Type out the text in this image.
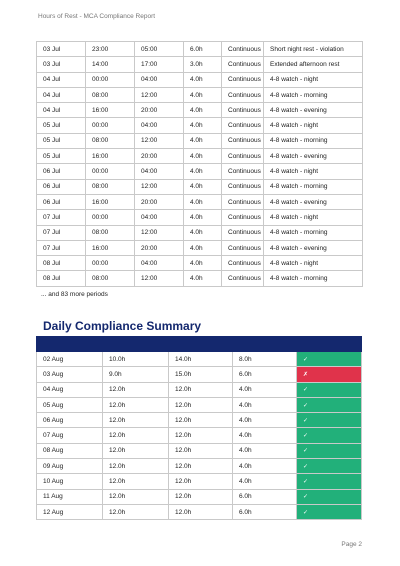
Hours of Rest - MCA Compliance Report
03 Jul	23:00	05:00	6.0h	Continuous	Short night rest - violation
03 Jul	14:00	17:00	3.0h	Continuous	Extended afternoon rest
04 Jul	00:00	04:00	4.0h	Continuous	4-8 watch - night
04 Jul	08:00	12:00	4.0h	Continuous	4-8 watch - morning
04 Jul	16:00	20:00	4.0h	Continuous	4-8 watch - evening
05 Jul	00:00	04:00	4.0h	Continuous	4-8 watch - night
05 Jul	08:00	12:00	4.0h	Continuous	4-8 watch - morning
05 Jul	16:00	20:00	4.0h	Continuous	4-8 watch - evening
06 Jul	00:00	04:00	4.0h	Continuous	4-8 watch - night
06 Jul	08:00	12:00	4.0h	Continuous	4-8 watch - morning
06 Jul	16:00	20:00	4.0h	Continuous	4-8 watch - evening
07 Jul	00:00	04:00	4.0h	Continuous	4-8 watch - night
07 Jul	08:00	12:00	4.0h	Continuous	4-8 watch - morning
07 Jul	16:00	20:00	4.0h	Continuous	4-8 watch - evening
08 Jul	00:00	04:00	4.0h	Continuous	4-8 watch - night
08 Jul	08:00	12:00	4.0h	Continuous	4-8 watch - morning
... and 83 more periods
Daily Compliance Summary

02 Aug	10.0h	14.0h	8.0h	✓
03 Aug	9.0h	15.0h	6.0h	✗
04 Aug	12.0h	12.0h	4.0h	✓
05 Aug	12.0h	12.0h	4.0h	✓
06 Aug	12.0h	12.0h	4.0h	✓
07 Aug	12.0h	12.0h	4.0h	✓
08 Aug	12.0h	12.0h	4.0h	✓
09 Aug	12.0h	12.0h	4.0h	✓
10 Aug	12.0h	12.0h	4.0h	✓
11 Aug	12.0h	12.0h	6.0h	✓
12 Aug	12.0h	12.0h	6.0h	✓
Page 2
